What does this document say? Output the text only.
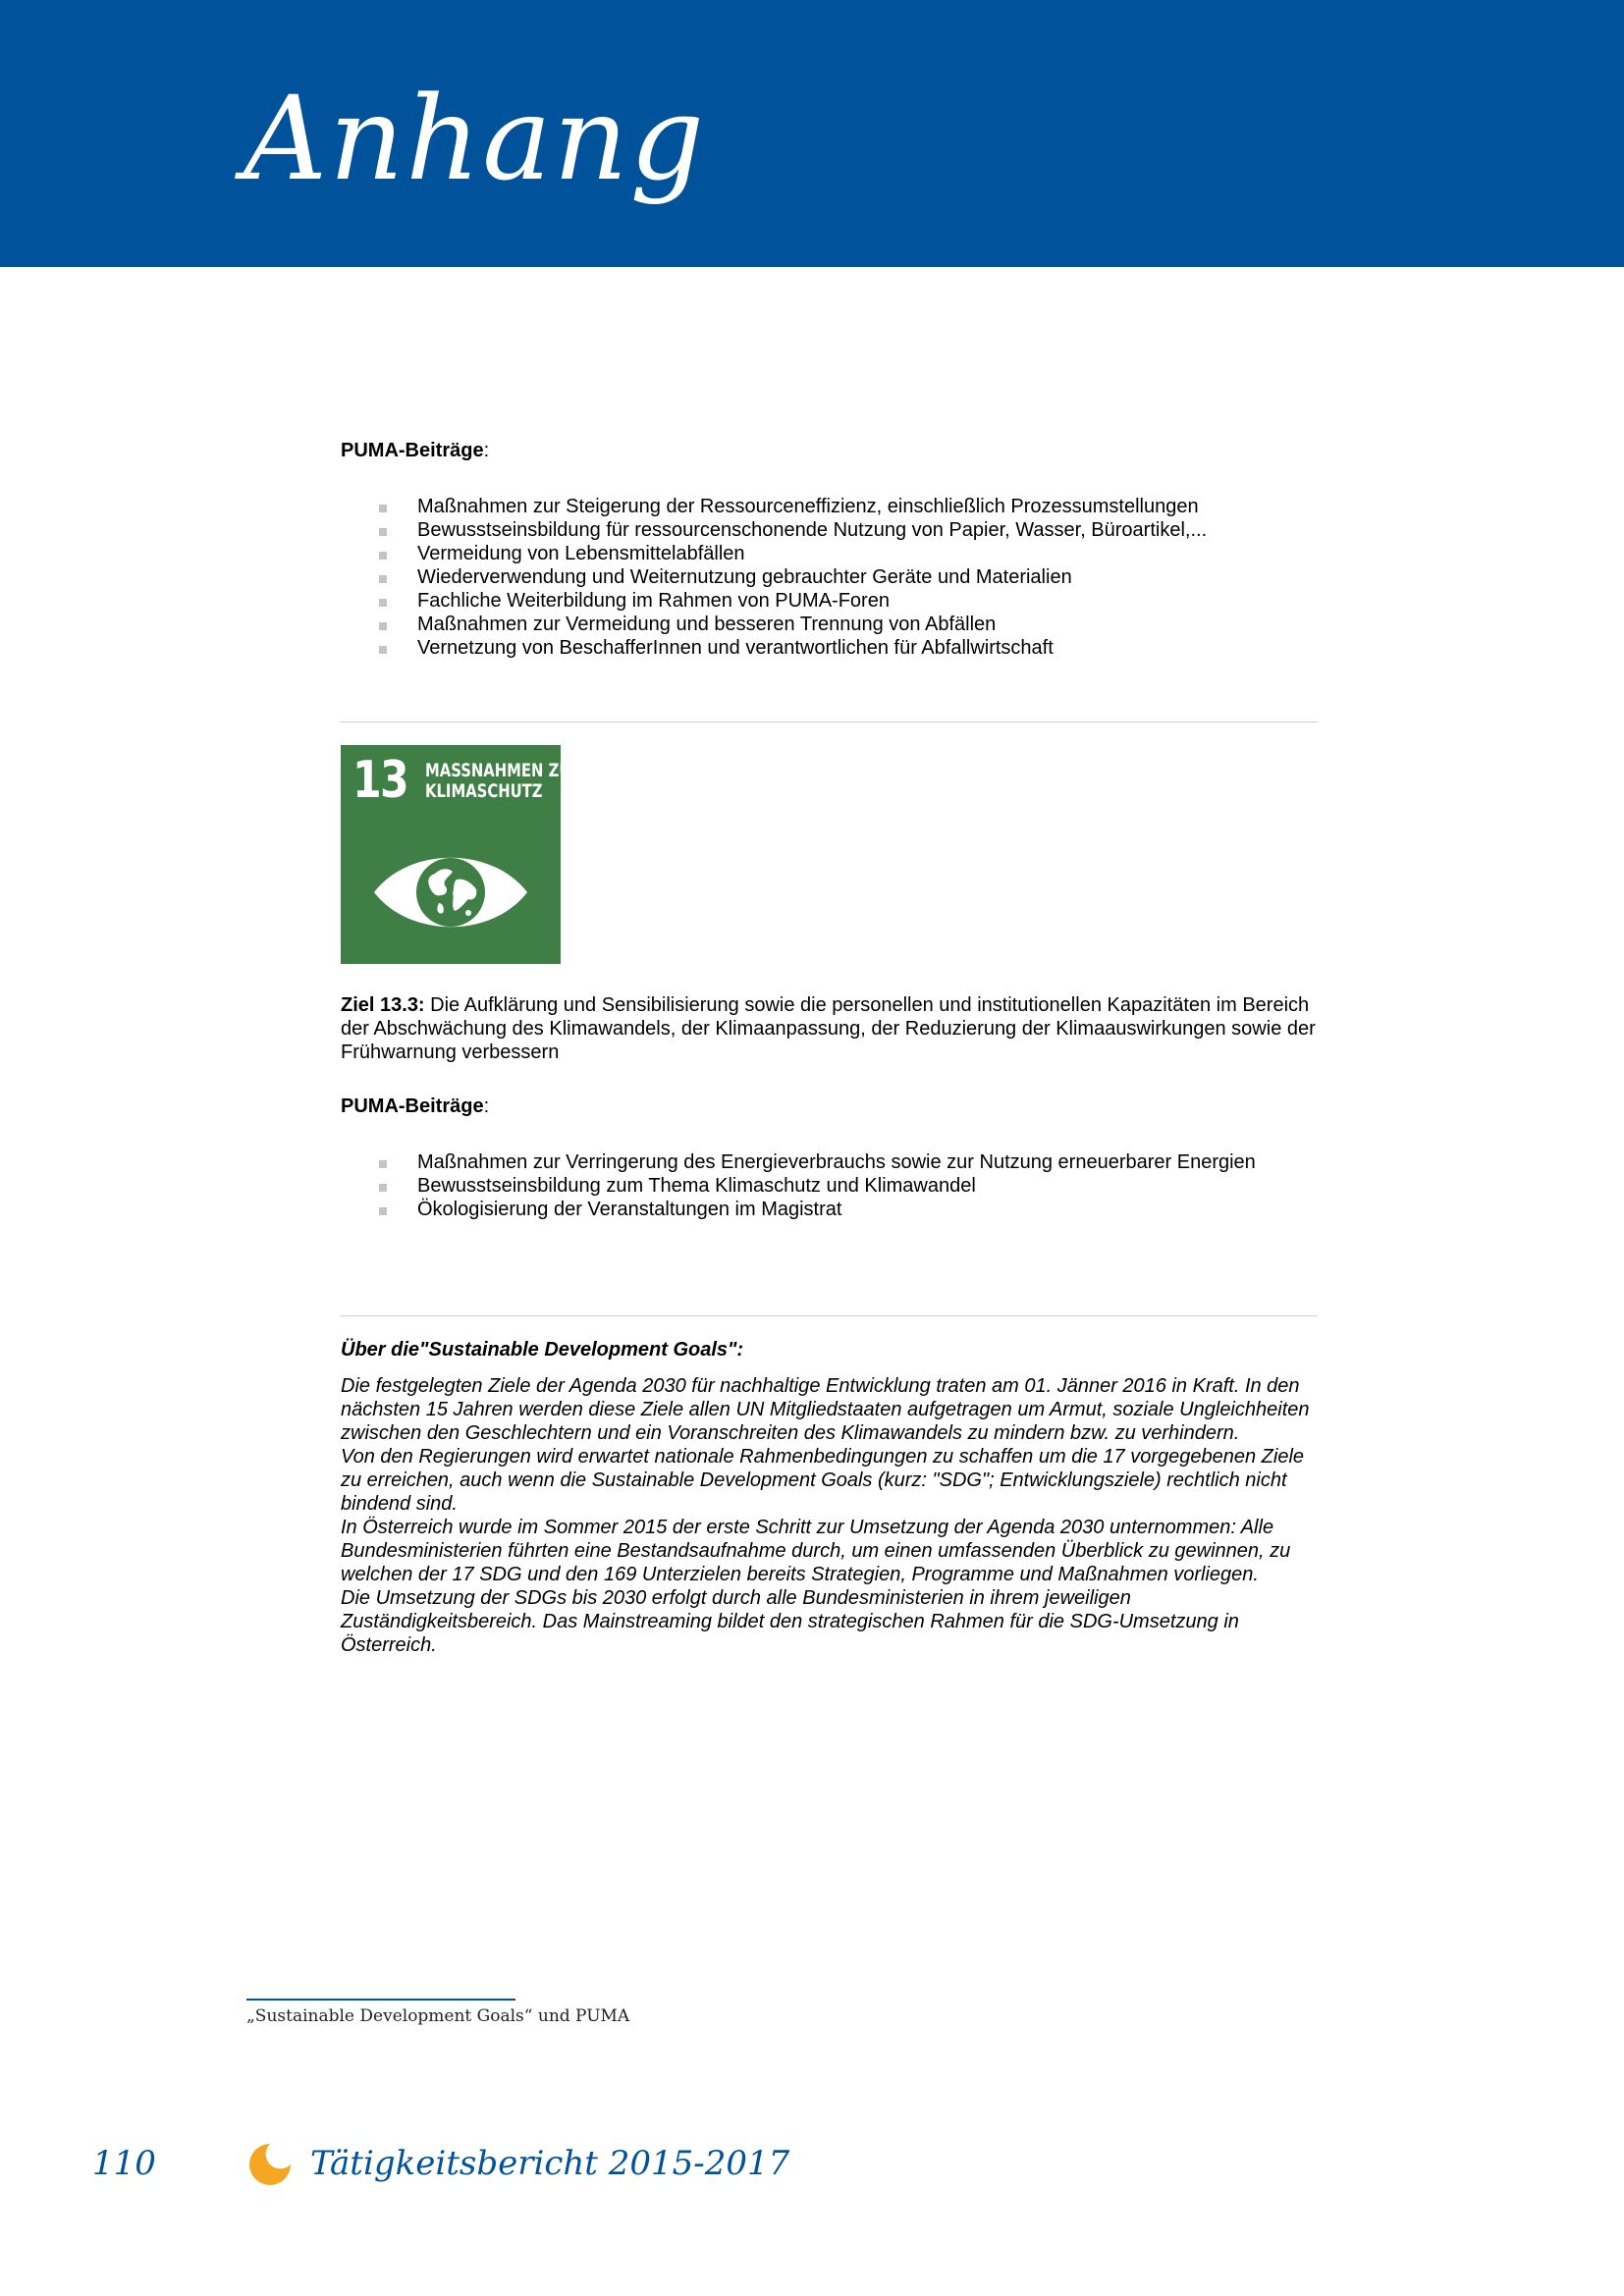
Anhang
PUMA-Beiträge:
Maßnahmen zur Steigerung der Ressourceneffizienz, einschließlich Prozessumstellungen
Bewusstseinsbildung für ressourcenschonende Nutzung von Papier, Wasser, Büroartikel,...
Vermeidung von Lebensmittelabfällen
Wiederverwendung und Weiternutzung gebrauchter Geräte und Materialien
Fachliche Weiterbildung im Rahmen von PUMA-Foren
Maßnahmen zur Vermeidung und besseren Trennung von Abfällen
Vernetzung von BeschafferInnen und verantwortlichen für Abfallwirtschaft
13 MASSNAHMEN ZUM
KLIMASCHUTZ
Ziel 13.3: Die Aufklärung und Sensibilisierung sowie die personellen und institutionellen Kapazitäten im Bereich der Abschwächung des Klimawandels, der Klimaanpassung, der Reduzierung der Klimaauswirkungen sowie der Frühwarnung verbessern
PUMA-Beiträge:
Maßnahmen zur Verringerung des Energieverbrauchs sowie zur Nutzung erneuerbarer Energien
Bewusstseinsbildung zum Thema Klimaschutz und Klimawandel
Ökologisierung der Veranstaltungen im Magistrat
Über die"Sustainable Development Goals":

Die festgelegten Ziele der Agenda 2030 für nachhaltige Entwicklung traten am 01. Jänner 2016 in Kraft. In den nächsten 15 Jahren werden diese Ziele allen UN Mitgliedstaaten aufgetragen um Armut, soziale Ungleichheiten zwischen den Geschlechtern und ein Voranschreiten des Klimawandels zu mindern bzw. zu verhindern.

Von den Regierungen wird erwartet nationale Rahmenbedingungen zu schaffen um die 17 vorgegebenen Ziele zu erreichen, auch wenn die Sustainable Development Goals (kurz: "SDG"; Entwicklungsziele) rechtlich nicht bindend sind.

In Österreich wurde im Sommer 2015 der erste Schritt zur Umsetzung der Agenda 2030 unternommen: Alle Bundesministerien führten eine Bestandsaufnahme durch, um einen umfassenden Überblick zu gewinnen, zu welchen der 17 SDG und den 169 Unterzielen bereits Strategien, Programme und Maßnahmen vorliegen.

Die Umsetzung der SDGs bis 2030 erfolgt durch alle Bundesministerien in ihrem jeweiligen Zuständigkeitsbereich. Das Mainstreaming bildet den strategischen Rahmen für die SDG-Umsetzung in Österreich.

„Sustainable Development Goals“ und PUMA
110	Tätigkeitsbericht 2015-2017
